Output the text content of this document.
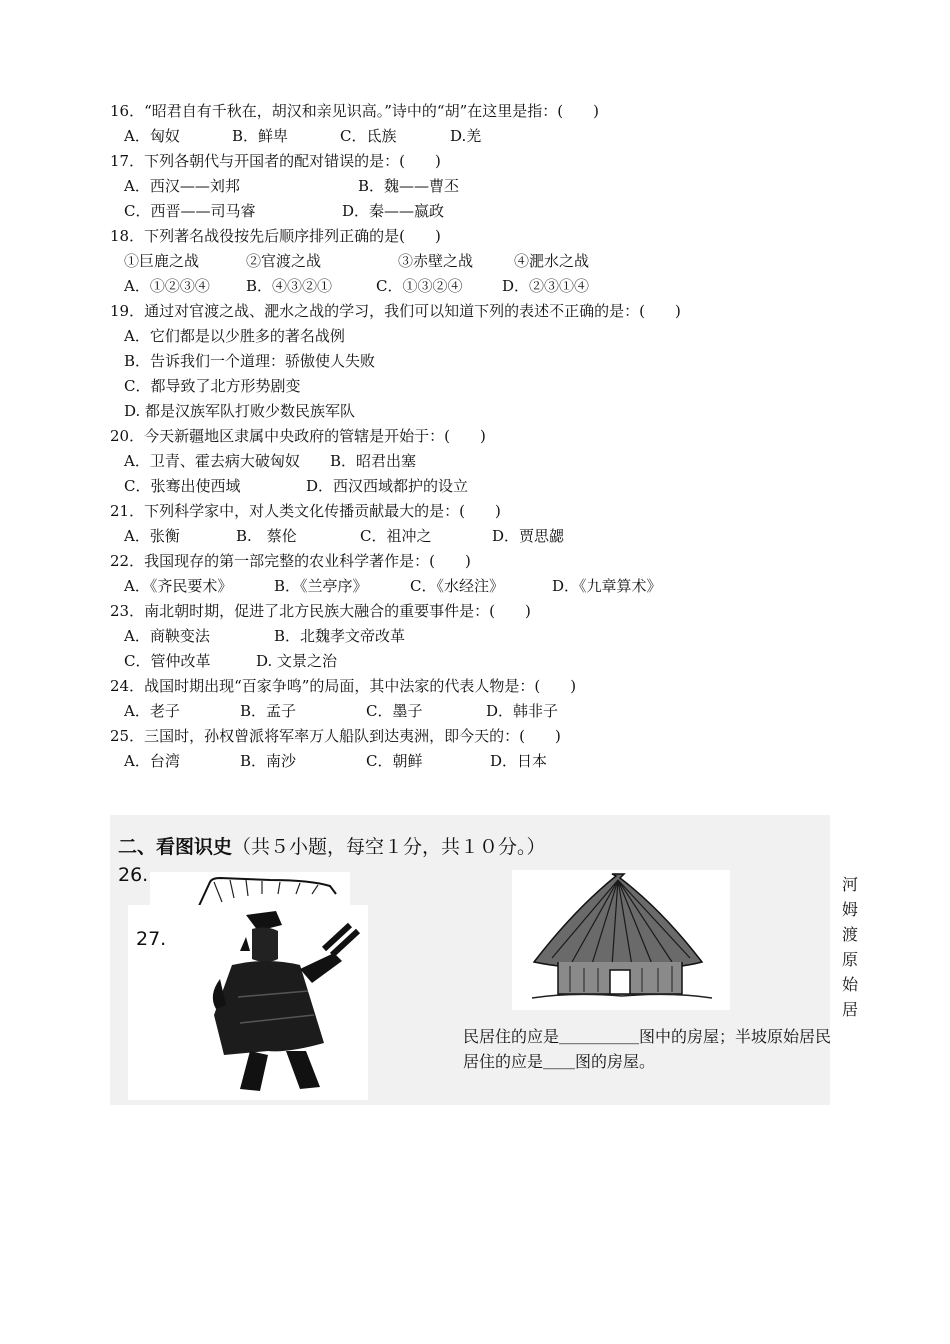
16．“昭君自有千秋在，胡汉和亲见识高。”诗中的“胡”在这里是指：(　　)
A．匈奴	B．鲜卑	C．氐族	D.羌
17．下列各朝代与开国者的配对错误的是：(　　)
A．西汉——刘邦	B．魏——曹丕
C．西晋——司马睿	D．秦——嬴政
18．下列著名战役按先后顺序排列正确的是(　　)
①巨鹿之战	②官渡之战	③赤壁之战	④淝水之战
A．①②③④ B．④③②①	C．①③②④	D．②③①④
19．通过对官渡之战、淝水之战的学习，我们可以知道下列的表述不正确的是：(　　)
A．它们都是以少胜多的著名战例
B．告诉我们一个道理：骄傲使人失败
C．都导致了北方形势剧变
D. 都是汉族军队打败少数民族军队
20．今天新疆地区隶属中央政府的管辖是开始于：(　　)
A．卫青、霍去病大破匈奴 B．昭君出塞
C．张骞出使西域	D．西汉西域都护的设立
21．下列科学家中，对人类文化传播贡献最大的是：(　　)
A．张衡	B.　蔡伦	C．祖冲之	D．贾思勰
22．我国现存的第一部完整的农业科学著作是：(　　)
A．《齐民要术》	B．《兰亭序》	C．《水经注》	D．《九章算术》
23．南北朝时期，促进了北方民族大融合的重要事件是：(　　)
A．商鞅变法	B．北魏孝文帝改革
C．管仲改革	D. 文景之治
24．战国时期出现“百家争鸣”的局面，其中法家的代表人物是：(　　)
A．老子	B．孟子	C．墨子	D．韩非子
25．三国时，孙权曾派将军率万人船队到达夷洲，即今天的：(　　)
A．台湾	B．南沙	C．朝鲜	D．日本
二、看图识史（共５小题，每空１分，共１０分。）
26.
27.
河
姆
渡
原
始
居
民居住的应是＿＿＿＿＿图中的房屋；半坡原始居民
居住的应是＿＿图的房屋。
